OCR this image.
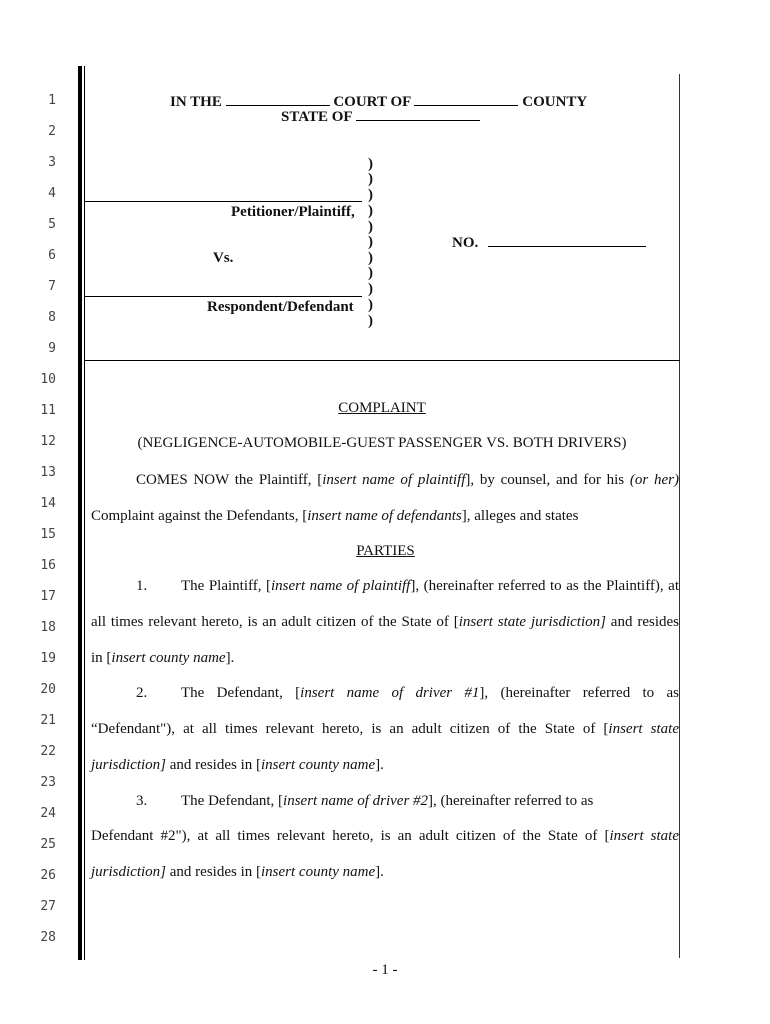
1
2
3
4
5
6
7
8
9
10
11
12
13
14
15
16
17
18
19
20
21
22
23
24
25
26
27
28
IN THE	COURT OF	COUNTY
STATE OF
)
)
)
)
)
)
)
)
)
)
)
Petitioner/Plaintiff,
Vs.
Respondent/Defendant
NO.
COMPLAINT
(NEGLIGENCE-AUTOMOBILE-GUEST PASSENGER VS. BOTH DRIVERS)
COMES NOW the Plaintiff, [insert name of plaintiff], by counsel, and for his (or her)
Complaint against the Defendants, [insert name of defendants], alleges and states
PARTIES
1. The Plaintiff, [insert name of plaintiff], (hereinafter referred to as the Plaintiff), at
all times relevant hereto, is an adult citizen of the State of [insert state jurisdiction] and resides
in [insert county name].
2. The Defendant, [insert name of driver #1], (hereinafter referred to as
“Defendant"), at all times relevant hereto, is an adult citizen of the State of [insert state
jurisdiction] and resides in [insert county name].
3. The Defendant, [insert name of driver #2], (hereinafter referred to as
Defendant #2"), at all times relevant hereto, is an adult citizen of the State of [insert state
jurisdiction] and resides in [insert county name].
- 1 -
